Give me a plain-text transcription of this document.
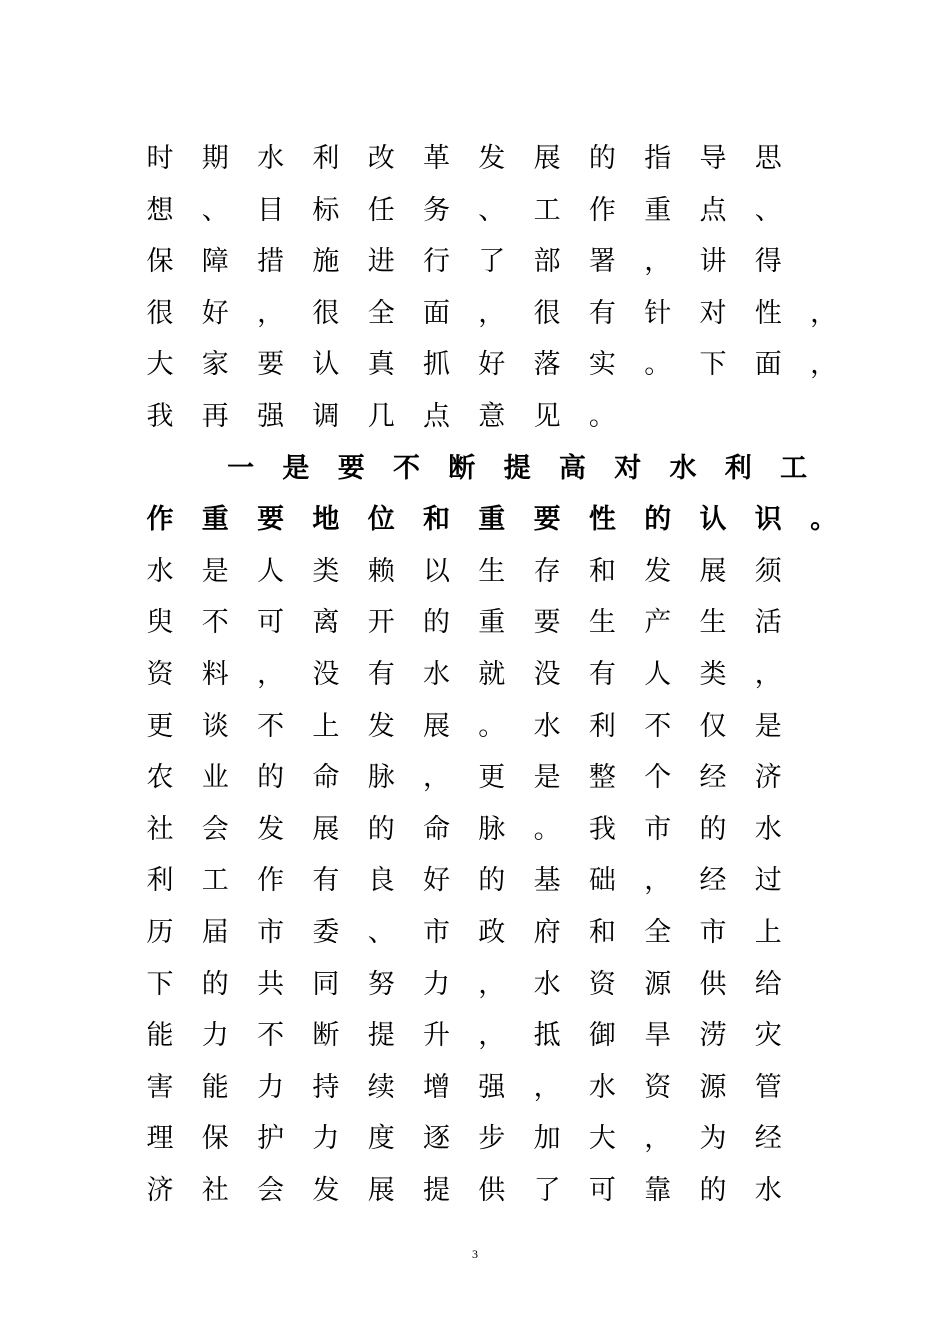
时 期 水 利 改 革 发 展 的 指 导 思
想 、 目 标 任 务 、 工 作 重 点 、
保 障 措 施 进 行 了 部 署 ， 讲 得
很 好 ， 很 全 面 ， 很 有 针 对 性 ，
大 家 要 认 真 抓 好 落 实 。 下 面 ，
我 再 强 调 几 点 意 见 。
一 是 要 不 断 提 高 对 水 利 工
作 重 要 地 位 和 重 要 性 的 认 识 。
水 是 人 类 赖 以 生 存 和 发 展 须
臾 不 可 离 开 的 重 要 生 产 生 活
资 料 ， 没 有 水 就 没 有 人 类 ，
更 谈 不 上 发 展 。 水 利 不 仅 是
农 业 的 命 脉 ， 更 是 整 个 经 济
社 会 发 展 的 命 脉 。 我 市 的 水
利 工 作 有 良 好 的 基 础 ， 经 过
历 届 市 委 、 市 政 府 和 全 市 上
下 的 共 同 努 力 ， 水 资 源 供 给
能 力 不 断 提 升 ， 抵 御 旱 涝 灾
害 能 力 持 续 增 强 ， 水 资 源 管
理 保 护 力 度 逐 步 加 大 ， 为 经
济 社 会 发 展 提 供 了 可 靠 的 水
3
